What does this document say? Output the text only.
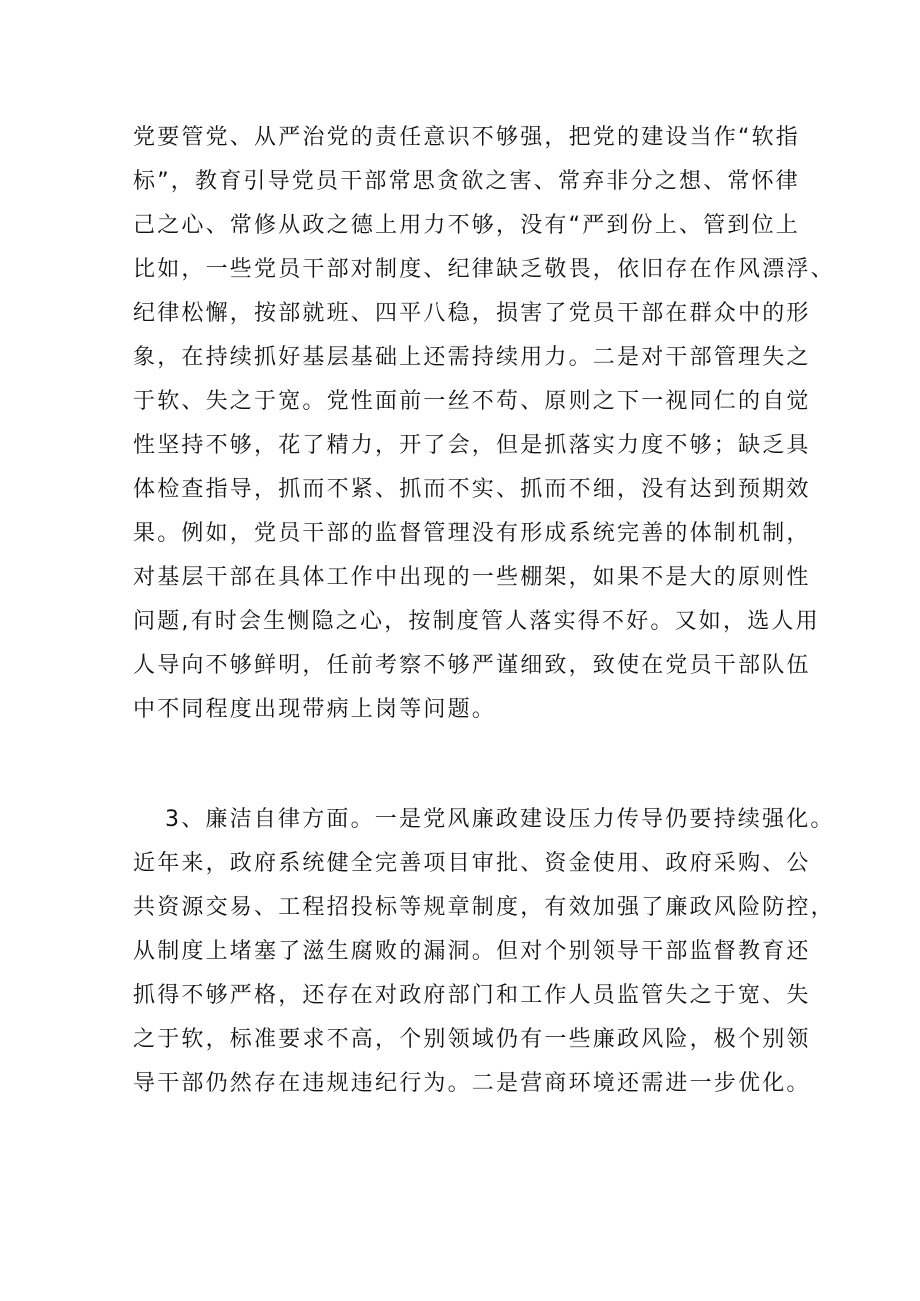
党要管党、从严治党的责任意识不够强，把党的建设当作“软指
标”，教育引导党员干部常思贪欲之害、常弃非分之想、常怀律
己之心、常修从政之德上用力不够，没有“严到份上、管到位上
比如，一些党员干部对制度、纪律缺乏敬畏，依旧存在作风漂浮、
纪律松懈，按部就班、四平八稳，损害了党员干部在群众中的形
象，在持续抓好基层基础上还需持续用力。二是对干部管理失之
于软、失之于宽。党性面前一丝不苟、原则之下一视同仁的自觉
性坚持不够，花了精力，开了会，但是抓落实力度不够；缺乏具
体检查指导，抓而不紧、抓而不实、抓而不细，没有达到预期效
果。例如，党员干部的监督管理没有形成系统完善的体制机制，
对基层干部在具体工作中出现的一些棚架，如果不是大的原则性
问题,有时会生恻隐之心，按制度管人落实得不好。又如，选人用
人导向不够鲜明，任前考察不够严谨细致，致使在党员干部队伍
中不同程度出现带病上岗等问题。
3、廉洁自律方面。一是党风廉政建设压力传导仍要持续强化。
近年来，政府系统健全完善项目审批、资金使用、政府采购、公
共资源交易、工程招投标等规章制度，有效加强了廉政风险防控，
从制度上堵塞了滋生腐败的漏洞。但对个别领导干部监督教育还
抓得不够严格，还存在对政府部门和工作人员监管失之于宽、失
之于软，标准要求不高，个别领域仍有一些廉政风险，极个别领
导干部仍然存在违规违纪行为。二是营商环境还需进一步优化。
